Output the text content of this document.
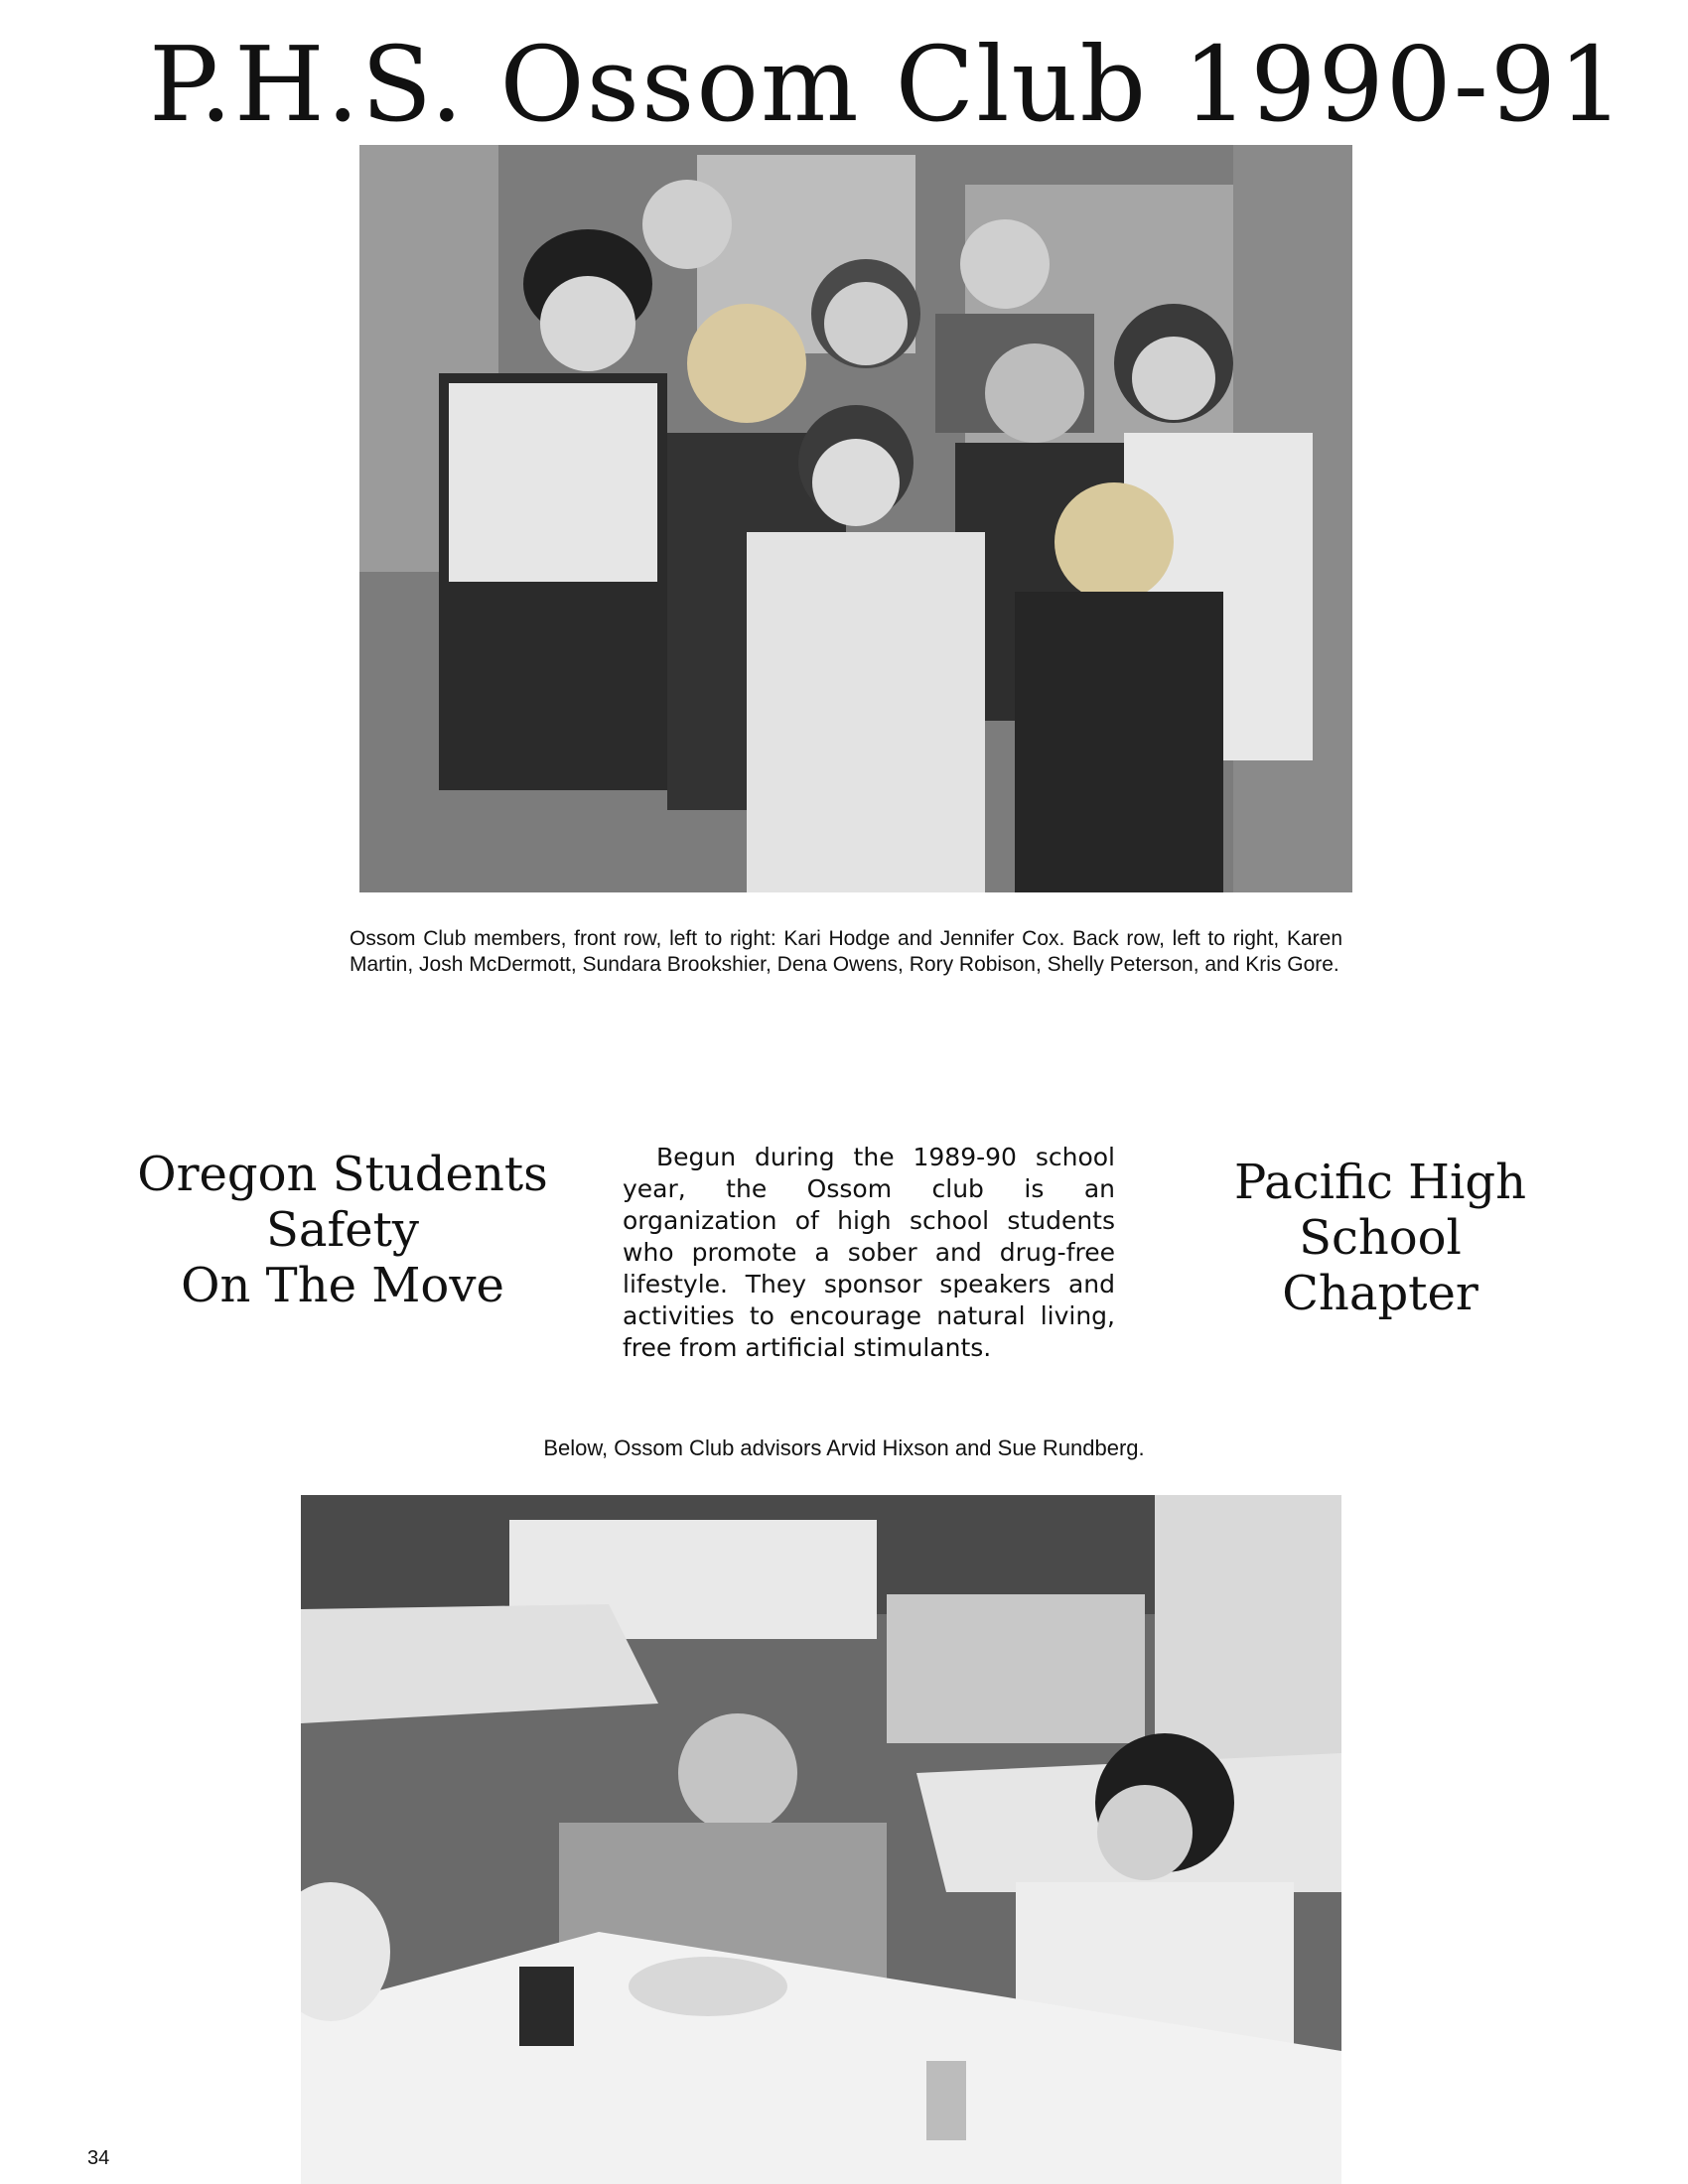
P.H.S. Ossom Club 1990-91
Ossom Club members, front row, left to right: Kari Hodge and Jennifer Cox. Back row, left to right, Karen Martin, Josh McDermott, Sundara Brookshier, Dena Owens, Rory Robison, Shelly Peterson, and Kris Gore.
Oregon Students
Safety
On The Move
Begun during the 1989-90 school year, the Ossom club is an organization of high school students who promote a sober and drug-free lifestyle. They sponsor speakers and activities to encourage natural living, free from artificial stimulants.
Pacific High
School
Chapter
Below, Ossom Club advisors Arvid Hixson and Sue Rundberg.
34
